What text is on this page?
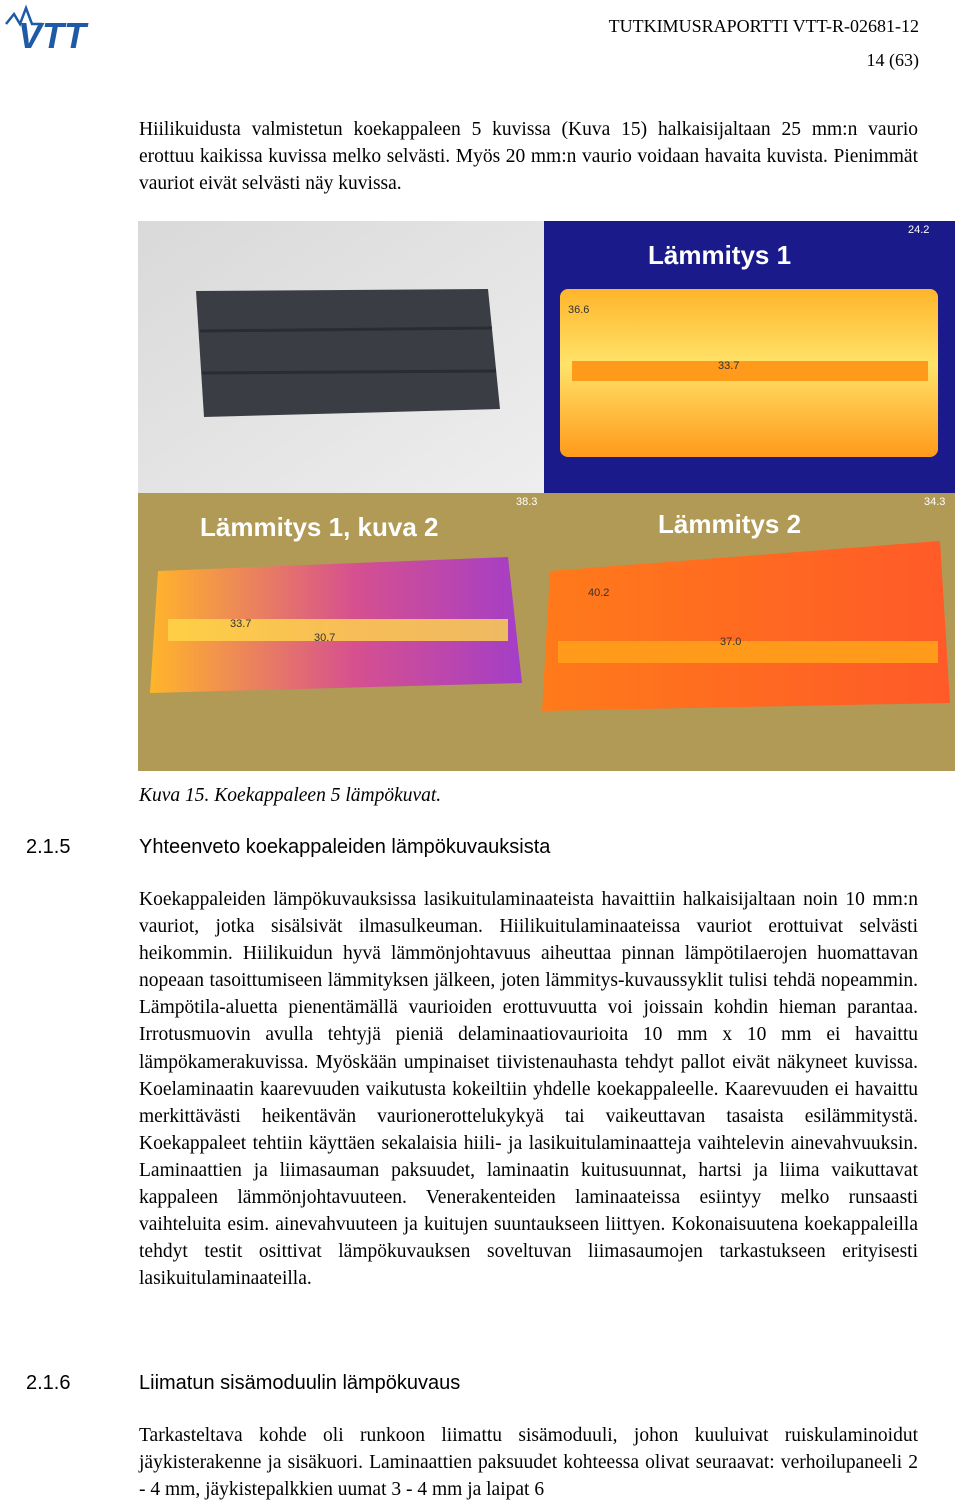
VTT	TUTKIMUSRAPORTTI VTT-R-02681-12
14 (63)

Hiilikuidusta valmistetun koekappaleen 5 kuvissa (Kuva 15) halkaisijaltaan 25 mm:n vaurio erottuu kaikissa kuvissa melko selvästi. Myös 20 mm:n vaurio voidaan havaita kuvista. Pienimmät vauriot eivät selvästi näy kuvissa.

Lämmitys 1
24.2
36.6
33.7
Lämmitys 1, kuva 2
38.3
33.7
30.7
Lämmitys 2
34.3
40.2
37.0
Kuva 15. Koekappaleen 5 lämpökuvat.
2.1.5	Yhteenveto koekappaleiden lämpökuvauksista

Koekappaleiden lämpökuvauksissa lasikuitulaminaateista havaittiin halkaisijaltaan noin 10 mm:n vauriot, jotka sisälsivät ilmasulkeuman. Hiilikuitulaminaateissa vauriot erottuivat selvästi heikommin. Hiilikuidun hyvä lämmönjohtavuus aiheuttaa pinnan lämpötilaerojen huomattavan nopeaan tasoittumiseen lämmityksen jälkeen, joten lämmitys-kuvaussyklit tulisi tehdä nopeammin. Lämpötila-aluetta pienentämällä vaurioiden erottuvuutta voi joissain kohdin hieman parantaa. Irrotusmuovin avulla tehtyjä pieniä delaminaatiovaurioita 10 mm x 10 mm ei havaittu lämpökamerakuvissa. Myöskään umpinaiset tiivistenauhasta tehdyt pallot eivät näkyneet kuvissa. Koelaminaatin kaarevuuden vaikutusta kokeiltiin yhdelle koekappaleelle. Kaarevuuden ei havaittu merkittävästi heikentävän vaurionerottelukykyä tai vaikeuttavan tasaista esilämmitystä. Koekappaleet tehtiin käyttäen sekalaisia hiili- ja lasikuitulaminaatteja vaihtelevin ainevahvuuksin. Laminaattien ja liimasauman paksuudet, laminaatin kuitusuunnat, hartsi ja liima vaikuttavat kappaleen lämmönjohtavuuteen. Venerakenteiden laminaateissa esiintyy melko runsaasti vaihteluita esim. ainevahvuuteen ja kuitujen suuntaukseen liittyen. Kokonaisuutena koekappaleilla tehdyt testit osittivat lämpökuvauksen soveltuvan liimasaumojen tarkastukseen erityisesti lasikuitulaminaateilla.

2.1.6	Liimatun sisämoduulin lämpökuvaus

Tarkasteltava kohde oli runkoon liimattu sisämoduuli, johon kuuluivat ruiskulaminoidut jäykisterakenne ja sisäkuori. Laminaattien paksuudet kohteessa olivat seuraavat: verhoilupaneeli 2 - 4 mm, jäykistepalkkien uumat 3 - 4 mm ja laipat 6
